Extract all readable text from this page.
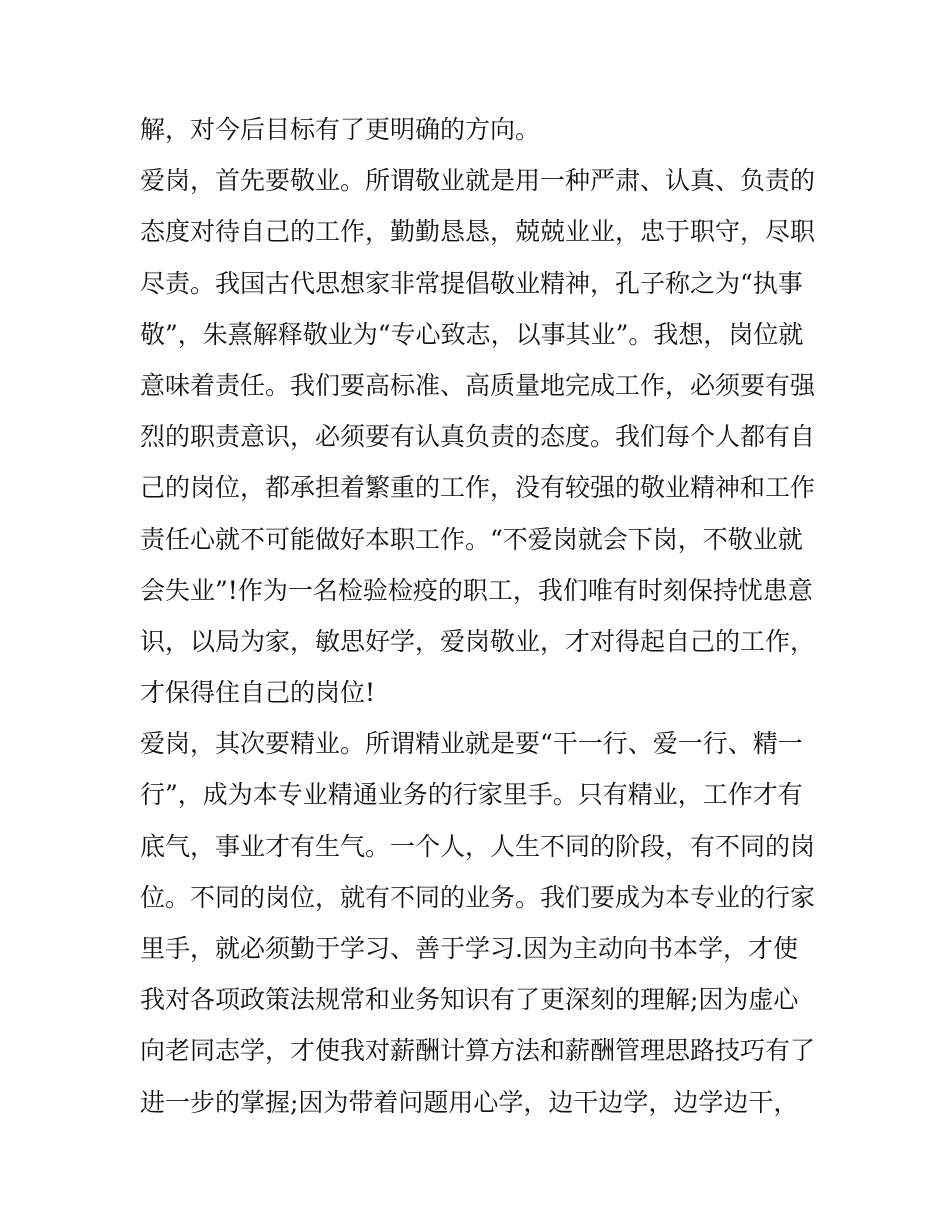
解，对今后目标有了更明确的方向。
爱岗，首先要敬业。所谓敬业就是用一种严肃、认真、负责的
态度对待自己的工作，勤勤恳恳，兢兢业业，忠于职守，尽职
尽责。我国古代思想家非常提倡敬业精神，孔子称之为“执事
敬”，朱熹解释敬业为“专心致志，以事其业”。我想，岗位就
意味着责任。我们要高标准、高质量地完成工作，必须要有强
烈的职责意识，必须要有认真负责的态度。我们每个人都有自
己的岗位，都承担着繁重的工作，没有较强的敬业精神和工作
责任心就不可能做好本职工作。“不爱岗就会下岗，不敬业就
会失业”!作为一名检验检疫的职工，我们唯有时刻保持忧患意
识，以局为家，敏思好学，爱岗敬业，才对得起自己的工作，
才保得住自己的岗位!
爱岗，其次要精业。所谓精业就是要“干一行、爱一行、精一
行”，成为本专业精通业务的行家里手。只有精业，工作才有
底气，事业才有生气。一个人，人生不同的阶段，有不同的岗
位。不同的岗位，就有不同的业务。我们要成为本专业的行家
里手，就必须勤于学习、善于学习.因为主动向书本学，才使
我对各项政策法规常和业务知识有了更深刻的理解;因为虚心
向老同志学，才使我对薪酬计算方法和薪酬管理思路技巧有了
进一步的掌握;因为带着问题用心学，边干边学，边学边干，
